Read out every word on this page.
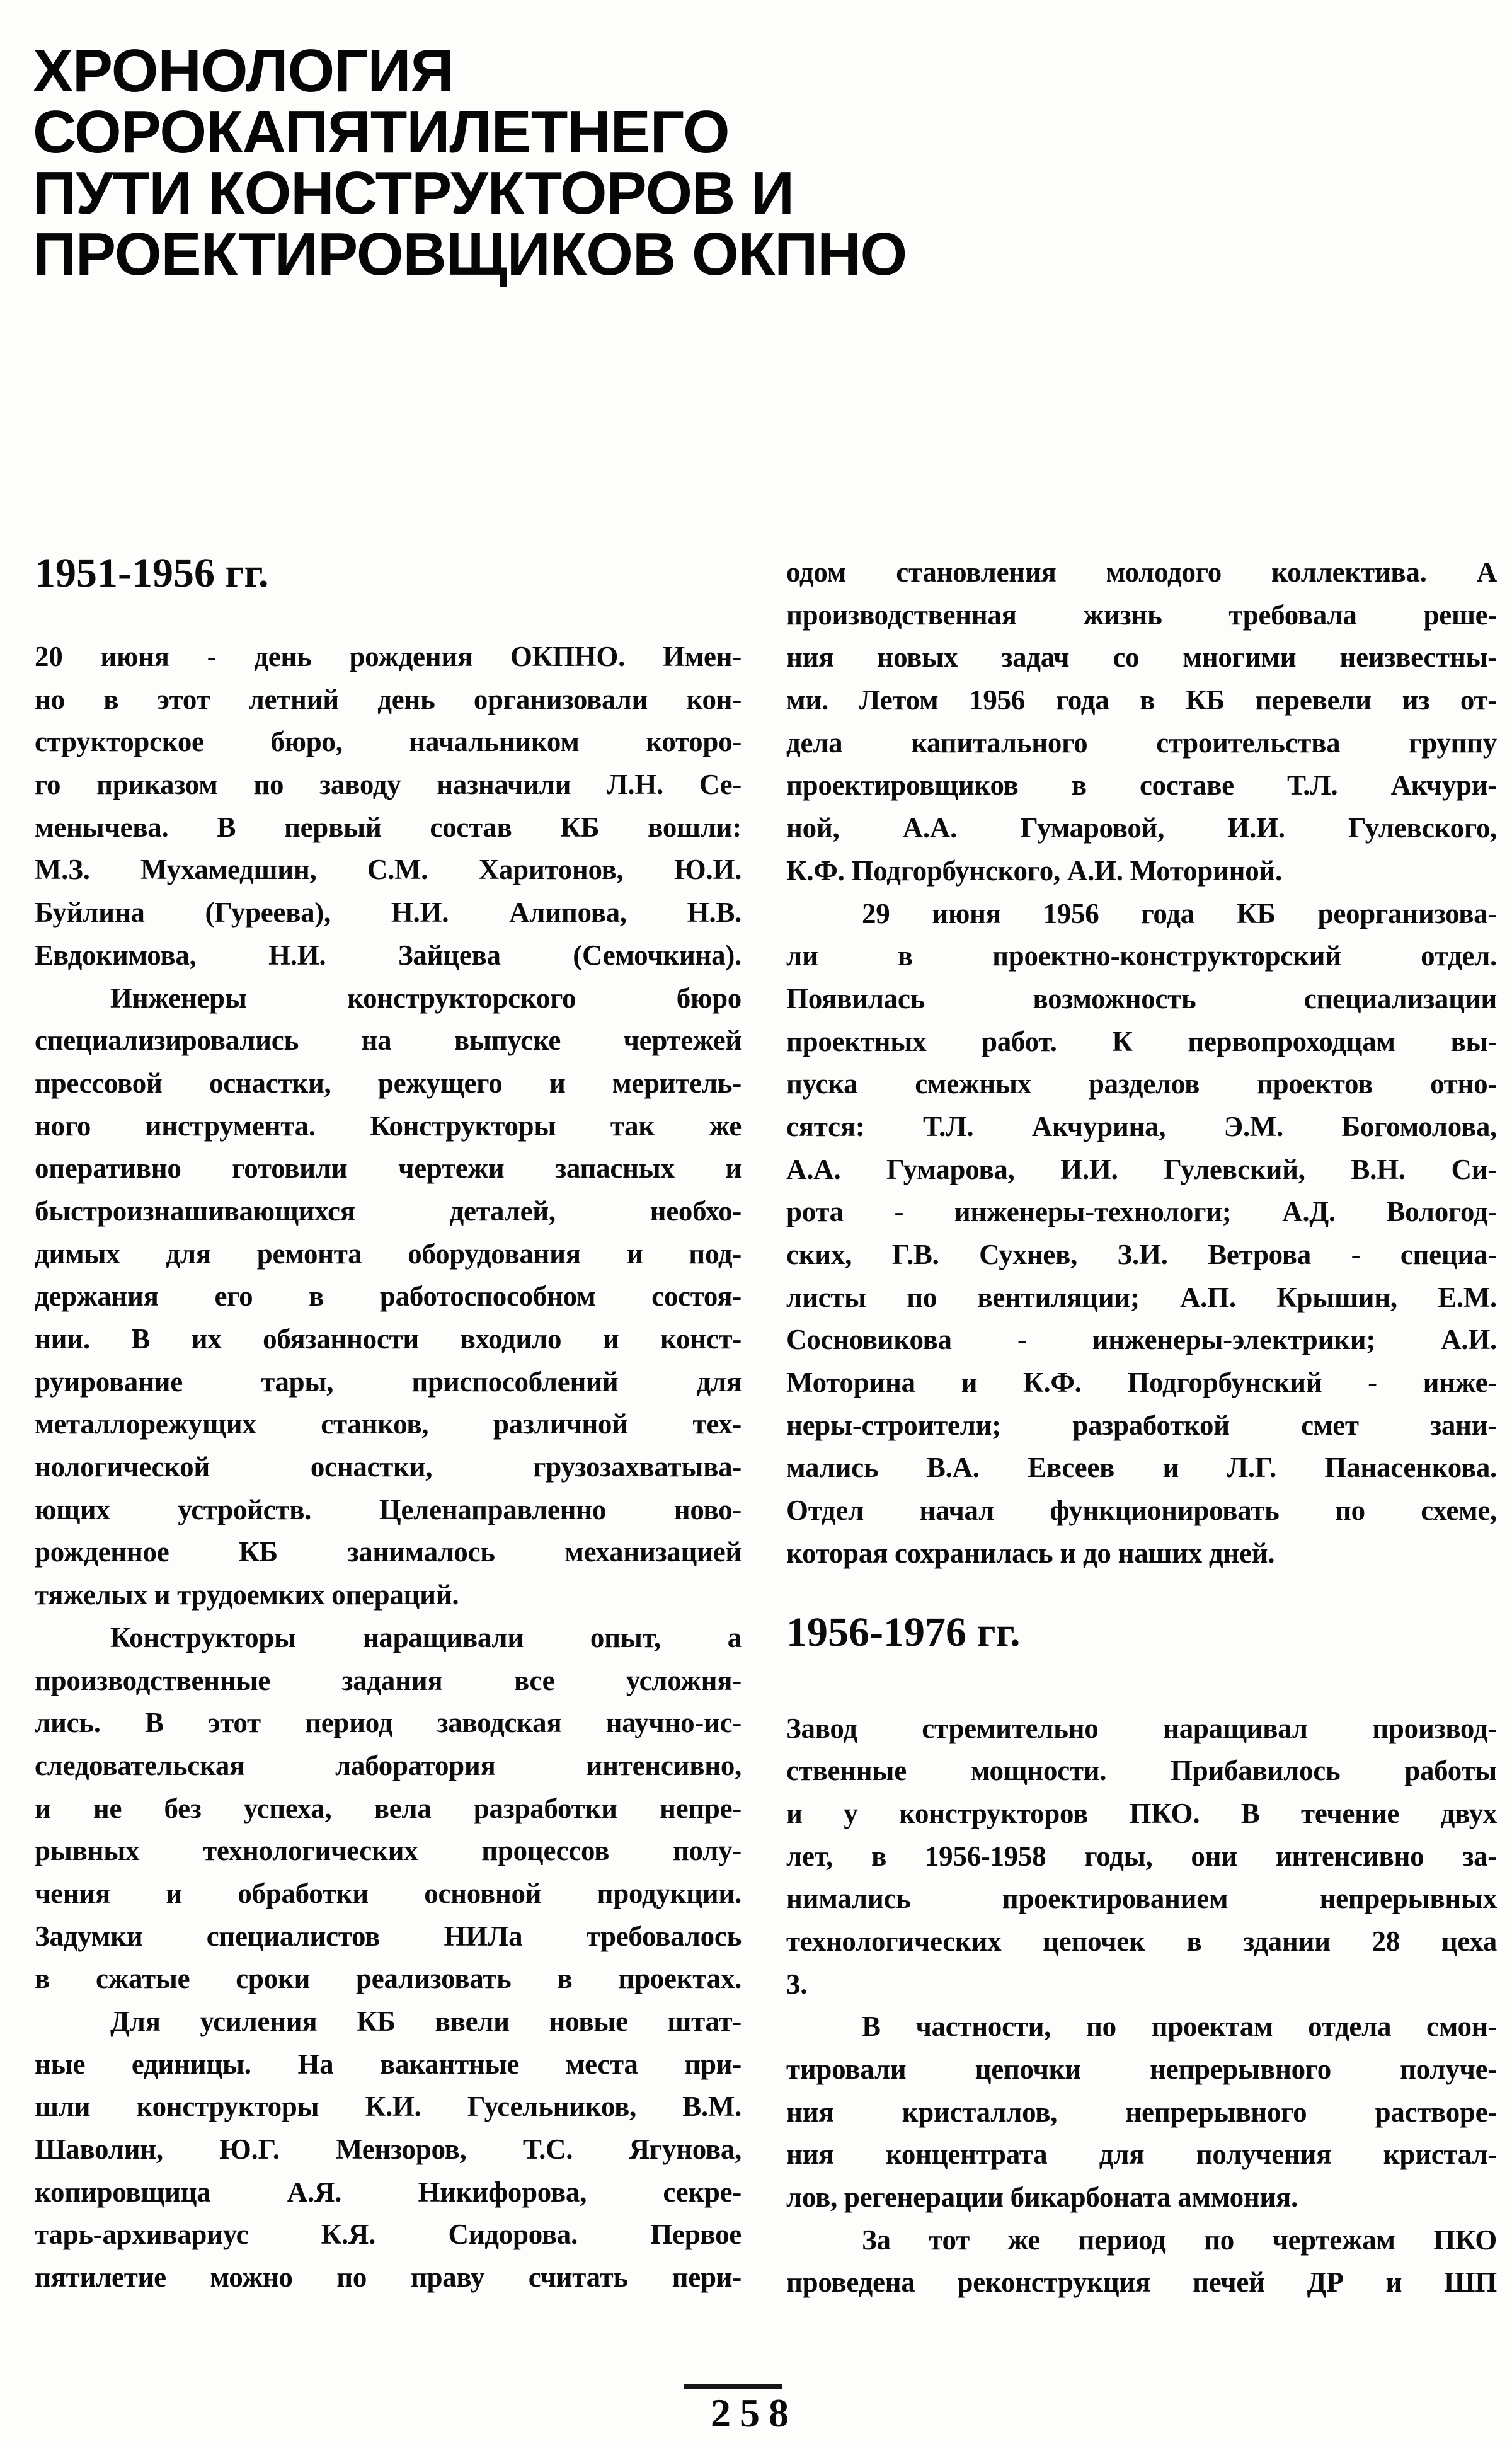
ХРОНОЛОГИЯ
СОРОКАПЯТИЛЕТНЕГО
ПУТИ КОНСТРУКТОРОВ И
ПРОЕКТИРОВЩИКОВ ОКПНО
1951-1956 гг.
20 июня - день рождения ОКПНО. Имен-
но в этот летний день организовали кон-
структорское бюро, начальником которо-
го приказом по заводу назначили Л.Н. Се-
менычева. В первый состав КБ вошли:
М.З. Мухамедшин, С.М. Харитонов, Ю.И.
Буйлина (Гуреева), Н.И. Алипова, Н.В.
Евдокимова, Н.И. Зайцева (Семочкина).
Инженеры конструкторского бюро
специализировались на выпуске чертежей
прессовой оснастки, режущего и меритель-
ного инструмента. Конструкторы так же
оперативно готовили чертежи запасных и
быстроизнашивающихся деталей, необхо-
димых для ремонта оборудования и под-
держания его в работоспособном состоя-
нии. В их обязанности входило и конст-
руирование тары, приспособлений для
металлорежущих станков, различной тех-
нологической оснастки, грузозахватыва-
ющих устройств. Целенаправленно ново-
рожденное КБ занималось механизацией
тяжелых и трудоемких операций.
Конструкторы наращивали опыт, а
производственные задания все усложня-
лись. В этот период заводская научно-ис-
следовательская лаборатория интенсивно,
и не без успеха, вела разработки непре-
рывных технологических процессов полу-
чения и обработки основной продукции.
Задумки специалистов НИЛа требовалось
в сжатые сроки реализовать в проектах.
Для усиления КБ ввели новые штат-
ные единицы. На вакантные места при-
шли конструкторы К.И. Гусельников, В.М.
Шаволин, Ю.Г. Мензоров, Т.С. Ягунова,
копировщица А.Я. Никифорова, секре-
тарь-архивариус К.Я. Сидорова. Первое
пятилетие можно по праву считать пери-
одом становления молодого коллектива. А
производственная жизнь требовала реше-
ния новых задач со многими неизвестны-
ми. Летом 1956 года в КБ перевели из от-
дела капитального строительства группу
проектировщиков в составе Т.Л. Акчури-
ной, А.А. Гумаровой, И.И. Гулевского,
К.Ф. Подгорбунского, А.И. Моториной.
29 июня 1956 года КБ реорганизова-
ли в проектно-конструкторский отдел.
Появилась возможность специализации
проектных работ. К первопроходцам вы-
пуска смежных разделов проектов отно-
сятся: Т.Л. Акчурина, Э.М. Богомолова,
А.А. Гумарова, И.И. Гулевский, В.Н. Си-
рота - инженеры-технологи; А.Д. Вологод-
ских, Г.В. Сухнев, З.И. Ветрова - специа-
листы по вентиляции; А.П. Крышин, Е.М.
Сосновикова - инженеры-электрики; А.И.
Моторина и К.Ф. Подгорбунский - инже-
неры-строители; разработкой смет зани-
мались В.А. Евсеев и Л.Г. Панасенкова.
Отдел начал функционировать по схеме,
которая сохранилась и до наших дней.
1956-1976 гг.
Завод стремительно наращивал производ-
ственные мощности. Прибавилось работы
и у конструкторов ПКО. В течение двух
лет, в 1956-1958 годы, они интенсивно за-
нимались проектированием непрерывных
технологических цепочек в здании 28 цеха
3.
В частности, по проектам отдела смон-
тировали цепочки непрерывного получе-
ния кристаллов, непрерывного растворе-
ния концентрата для получения кристал-
лов, регенерации бикарбоната аммония.
За тот же период по чертежам ПКО
проведена реконструкция печей ДР и ШП
258
